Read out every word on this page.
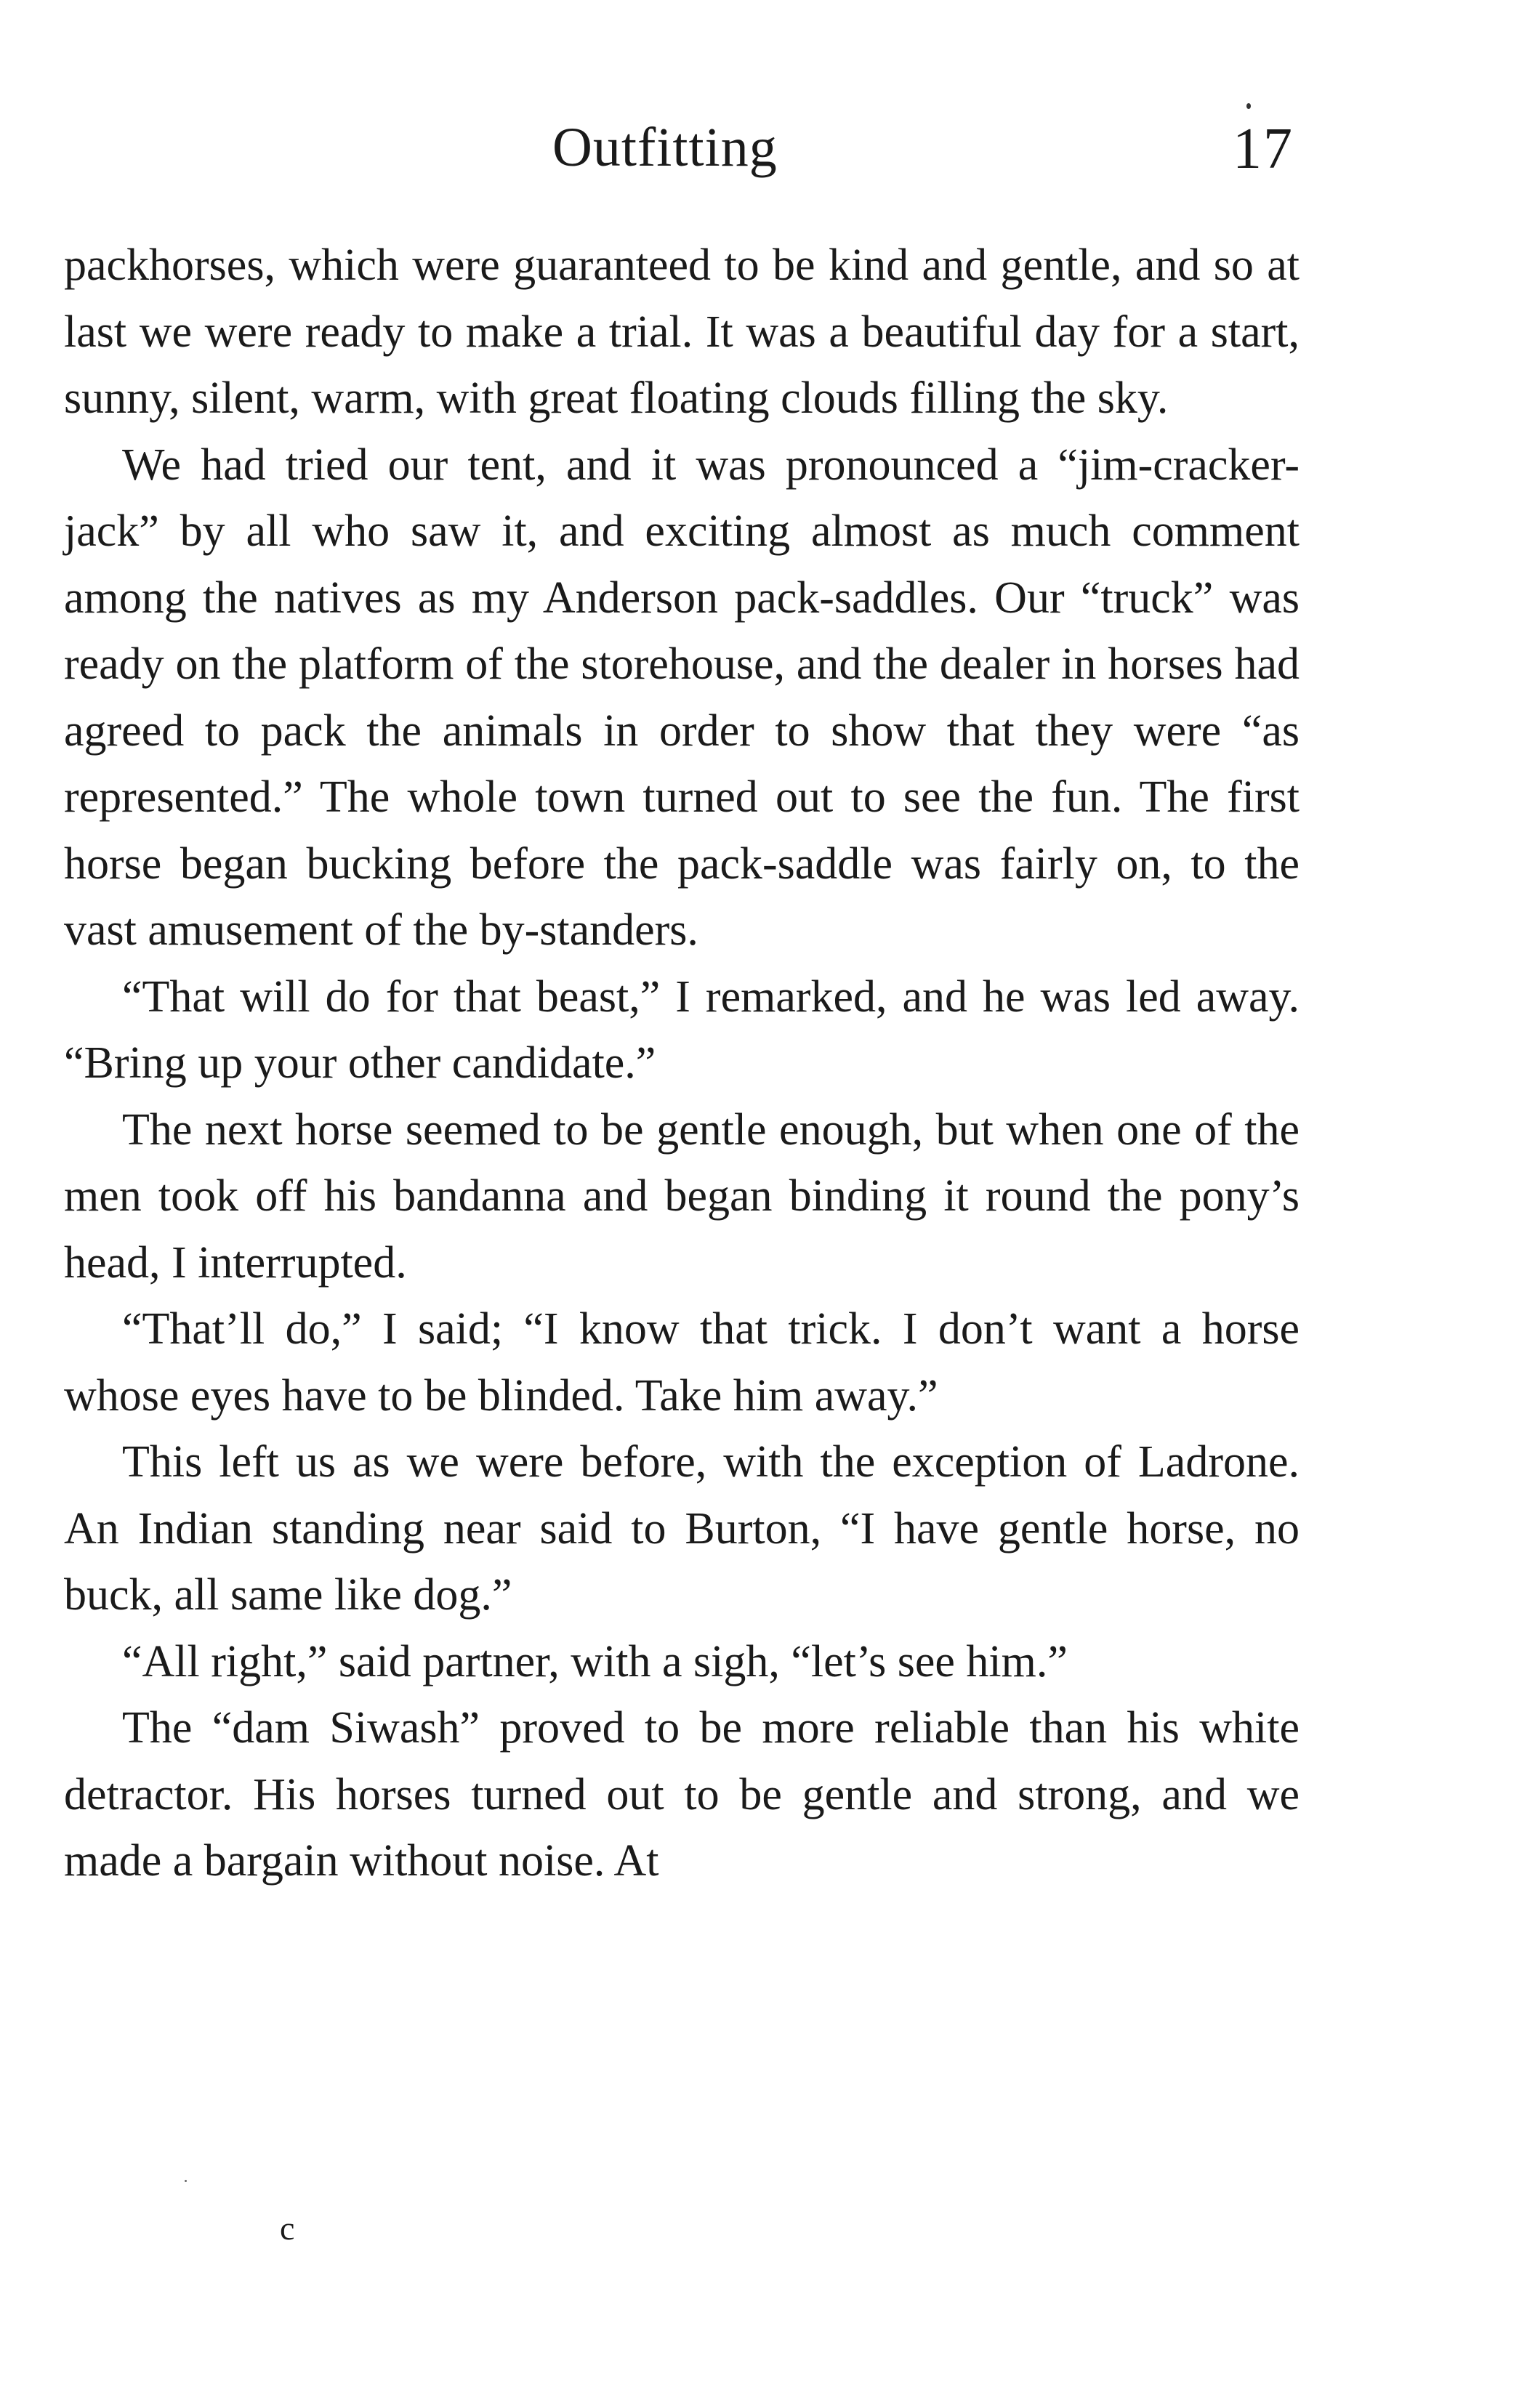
Outfitting	17

packhorses, which were guaranteed to be kind and gentle, and so at last we were ready to make a trial. It was a beautiful day for a start, sunny, silent, warm, with great floating clouds filling the sky.

We had tried our tent, and it was pronounced a “jim-cracker-jack” by all who saw it, and exciting almost as much comment among the natives as my Anderson pack-saddles. Our “truck” was ready on the platform of the storehouse, and the dealer in horses had agreed to pack the animals in order to show that they were “as represented.” The whole town turned out to see the fun. The first horse began bucking before the pack-saddle was fairly on, to the vast amusement of the by-standers.

“That will do for that beast,” I remarked, and he was led away. “Bring up your other candidate.”

The next horse seemed to be gentle enough, but when one of the men took off his bandanna and began binding it round the pony’s head, I interrupted.

“That’ll do,” I said; “I know that trick. I don’t want a horse whose eyes have to be blinded. Take him away.”

This left us as we were before, with the exception of Ladrone. An Indian standing near said to Burton, “I have gentle horse, no buck, all same like dog.”

“All right,” said partner, with a sigh, “let’s see him.”

The “dam Siwash” proved to be more reliable than his white detractor. His horses turned out to be gentle and strong, and we made a bargain without noise. At

c
